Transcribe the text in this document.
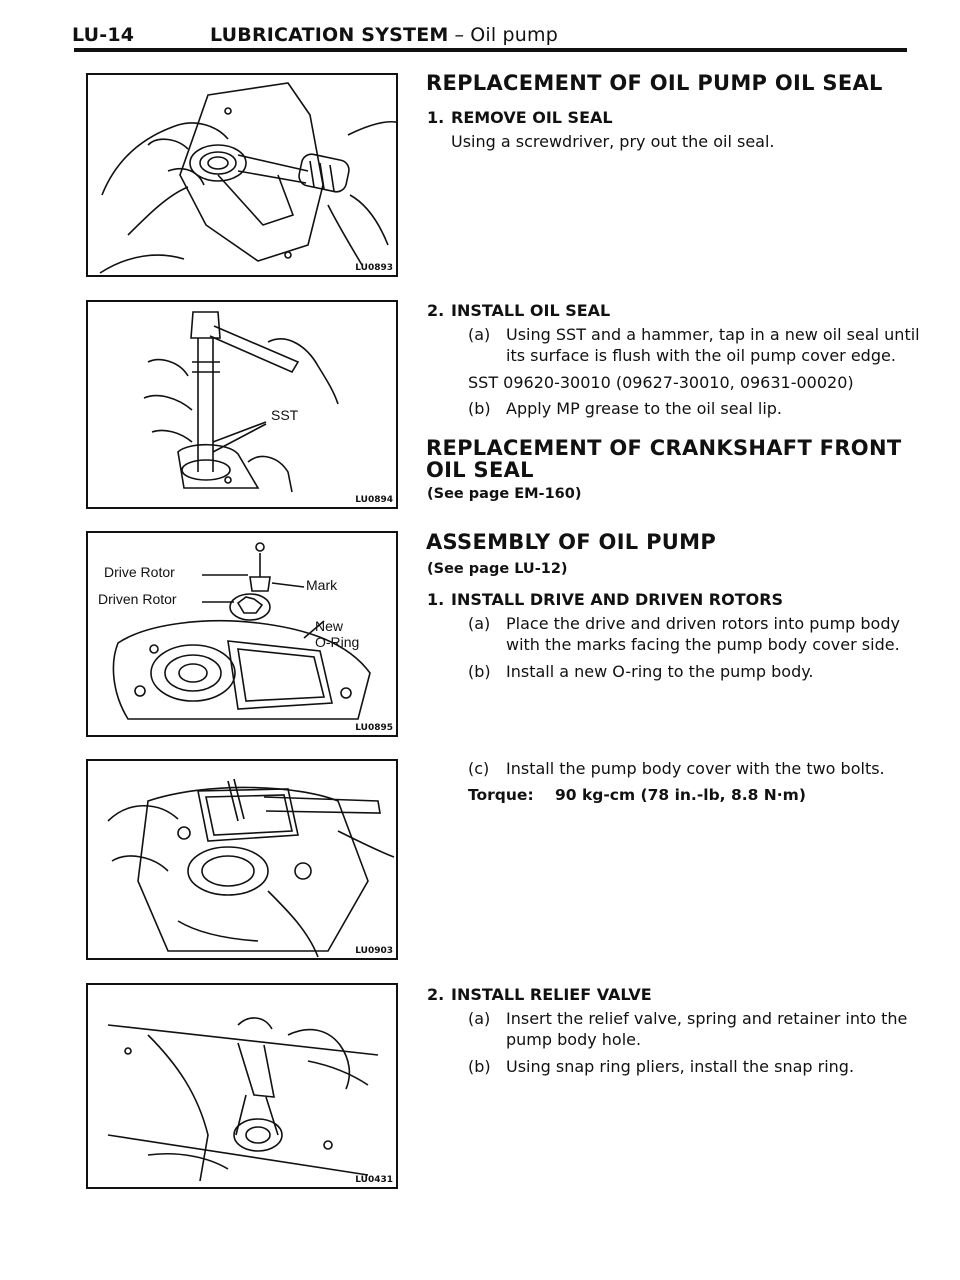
LU-14	LUBRICATION SYSTEM – Oil pump
LU0893
SST
LU0894
Drive Rotor
Driven Rotor
Mark
New
O-Ring
LU0895
LU0903
LU0431
REPLACEMENT OF OIL PUMP OIL SEAL
1. REMOVE OIL SEAL
Using a screwdriver, pry out the oil seal.
2. INSTALL OIL SEAL
(a) Using SST and a hammer, tap in a new oil seal until
its surface is flush with the oil pump cover edge.
SST 09620-30010 (09627-30010, 09631-00020)
(b) Apply MP grease to the oil seal lip.
REPLACEMENT OF CRANKSHAFT FRONT
OIL SEAL
(See page EM-160)
ASSEMBLY OF OIL PUMP
(See page LU-12)
1. INSTALL DRIVE AND DRIVEN ROTORS
(a) Place the drive and driven rotors into pump body
with the marks facing the pump body cover side.
(b) Install a new O-ring to the pump body.
(c) Install the pump body cover with the two bolts.
Torque: 90 kg-cm (78 in.-lb, 8.8 N·m)
2. INSTALL RELIEF VALVE
(a) Insert the relief valve, spring and retainer into the
pump body hole.
(b) Using snap ring pliers, install the snap ring.
